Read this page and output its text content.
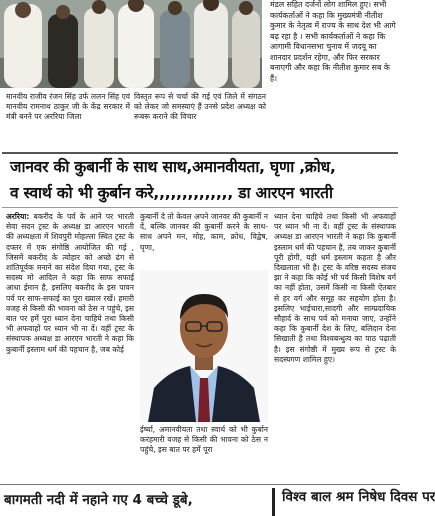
मानवीय राजीव रंजन सिंह उर्फ ललन सिंह एवं मानवीय रामनाथ ठाकुर जी के केंद्र सरकार में मंत्री बनने पर अररिया जिला
विस्तृत रूप से चर्चा की गई एवं जिले में संगठन को लेकर जो समस्याएं हैं उनसे प्रदेश अध्यक्ष को रूबरू कराने की विचार
मंडल सहित दर्जनों लोग शामिल हुए। सभी कार्यकर्ताओं ने कहा कि मुख्यमंत्री नीतीश कुमार के नेतृत्व में राज्य के साथ देश भी आगे बढ़ रहा है । सभी कार्यकर्ताओं ने कहा कि आगामी विधानसभा चुनाव में जदयू का शानदार प्रदर्शन रहेगा, और फिर सरकार बनाएगी और कहा कि नीतीश कुमार सब के हैं।
जानवर की कुबार्नी के साथ साथ,अमानवीयता, घृणा ,क्रोध,
व स्वार्थ को भी कुर्बान करे,,,,,,,,,,,,,, डा आरएन भारती
अररिया: बकरीद के पर्व के आने पर भारती सेवा सदन ट्रस्ट के अध्यक्ष डा आरएन भारती की अध्यक्षता में शिवपुरी मोहल्ला स्थित ट्रस्ट के दफ्तर में एक संगोष्ठि आयोजित की गई , जिसमें बकरीद के त्योहार को अच्छे ढंग से शांतिपूर्वक मनाने का संदेश दिया गया, ट्रस्ट के सदस्य मो आदिल ने कहा कि साफ सफाई आधा ईमान है, इसलिए बकरीद के इस पावन पर्व पर साफ-सफाई का पूरा ख्याल रखें। हमारी वजह से किसी की भावना को ठेस न पहुंचे, इस बात पर हमें पूरा ध्यान देना चाहिये तथा किसी भी अफवाहों पर ध्यान भी ना दें। वहीं ट्रस्ट के संस्थापक अध्यक्ष डा आरएन भारती ने कहा कि कुबार्नी इस्लाम धर्म की पहचान है, जब कोई
कुबार्नी दे तो केवल अपने जानवर की कुबार्नी न दें, बल्कि जानवर की कुबार्नी करने के साथ-साथ अपने मन, मोह, काम, क्रोध, विद्वेष, घृणा,
ईर्ष्या, अमानवीयता तथा स्वार्थ को भी कुर्बान करहमारी वजह से किसी की भावना को ठेस न पहुंचे, इस बात पर हमें पूरा
ध्यान देना चाहिये तथा किसी भी अफवाहों पर ध्यान भी ना दें। वहीं ट्रस्ट के संस्थापक अध्यक्ष डा आरएन भारती ने कहा कि कुबार्नी इस्लाम धर्म की पहचान है, तब जाकर कुबार्नी पूरी होगी, यही धर्म इस्लाम कहता है और दिखलाता भी है। ट्रस्ट के वरिष्ठ सदस्य संजय झा ने कहा कि कोई भी पर्व किसी विशेष वर्ग का नहीं होता, उसमें किसी ना किसी ऐतबार से हर वर्ग और समूह का सहयोग होता है। इसलिए भाईचारा,सादगी और साम्प्रदायिक सौहार्द के साथ पर्व को मनाया जाए, उन्होंने कहा कि कुबार्नी देश के लिए, बलिदान देना सिखाती है तथा विश्वबन्धुत्व का पाठ पढ़ाती है। इस संगोष्ठी में मुख्य रूप से ट्रस्ट के सदस्यगण शामिल हुए।
बागमती नदी में नहाने गए 4 बच्चे डूबे,	विश्व बाल श्रम निषेध दिवस पर
